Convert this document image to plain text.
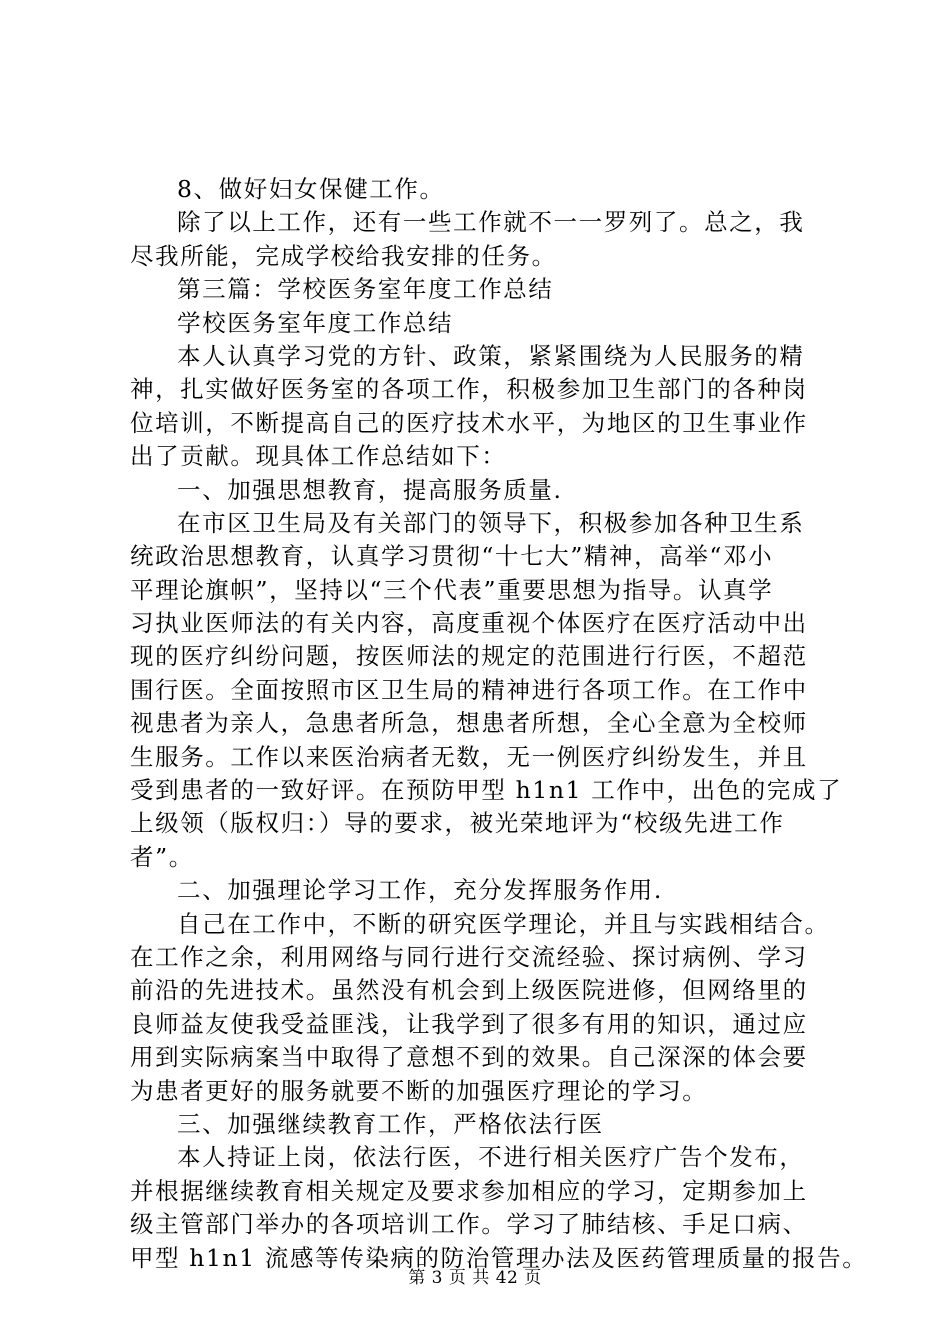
8、做好妇女保健工作。
除了以上工作，还有一些工作就不一一罗列了。总之，我
尽我所能，完成学校给我安排的任务。
第三篇：学校医务室年度工作总结
学校医务室年度工作总结
本人认真学习党的方针、政策，紧紧围绕为人民服务的精
神，扎实做好医务室的各项工作，积极参加卫生部门的各种岗
位培训，不断提高自己的医疗技术水平，为地区的卫生事业作
出了贡献。现具体工作总结如下：
一、加强思想教育，提高服务质量.
在市区卫生局及有关部门的领导下，积极参加各种卫生系
统政治思想教育，认真学习贯彻“十七大”精神，高举“邓小
平理论旗帜”，坚持以“三个代表”重要思想为指导。认真学
习执业医师法的有关内容，高度重视个体医疗在医疗活动中出
现的医疗纠纷问题，按医师法的规定的范围进行行医，不超范
围行医。全面按照市区卫生局的精神进行各项工作。在工作中
视患者为亲人，急患者所急，想患者所想，全心全意为全校师
生服务。工作以来医治病者无数，无一例医疗纠纷发生，并且
受到患者的一致好评。在预防甲型 h1n1 工作中，出色的完成了
上级领（版权归：）导的要求，被光荣地评为“校级先进工作
者”。
二、加强理论学习工作，充分发挥服务作用.
自己在工作中，不断的研究医学理论，并且与实践相结合。
在工作之余，利用网络与同行进行交流经验、探讨病例、学习
前沿的先进技术。虽然没有机会到上级医院进修，但网络里的
良师益友使我受益匪浅，让我学到了很多有用的知识，通过应
用到实际病案当中取得了意想不到的效果。自己深深的体会要
为患者更好的服务就要不断的加强医疗理论的学习。
三、加强继续教育工作，严格依法行医
本人持证上岗，依法行医，不进行相关医疗广告个发布，
并根据继续教育相关规定及要求参加相应的学习，定期参加上
级主管部门举办的各项培训工作。学习了肺结核、手足口病、
甲型 h1n1 流感等传染病的防治管理办法及医药管理质量的报告。
第 3 页 共 42 页
